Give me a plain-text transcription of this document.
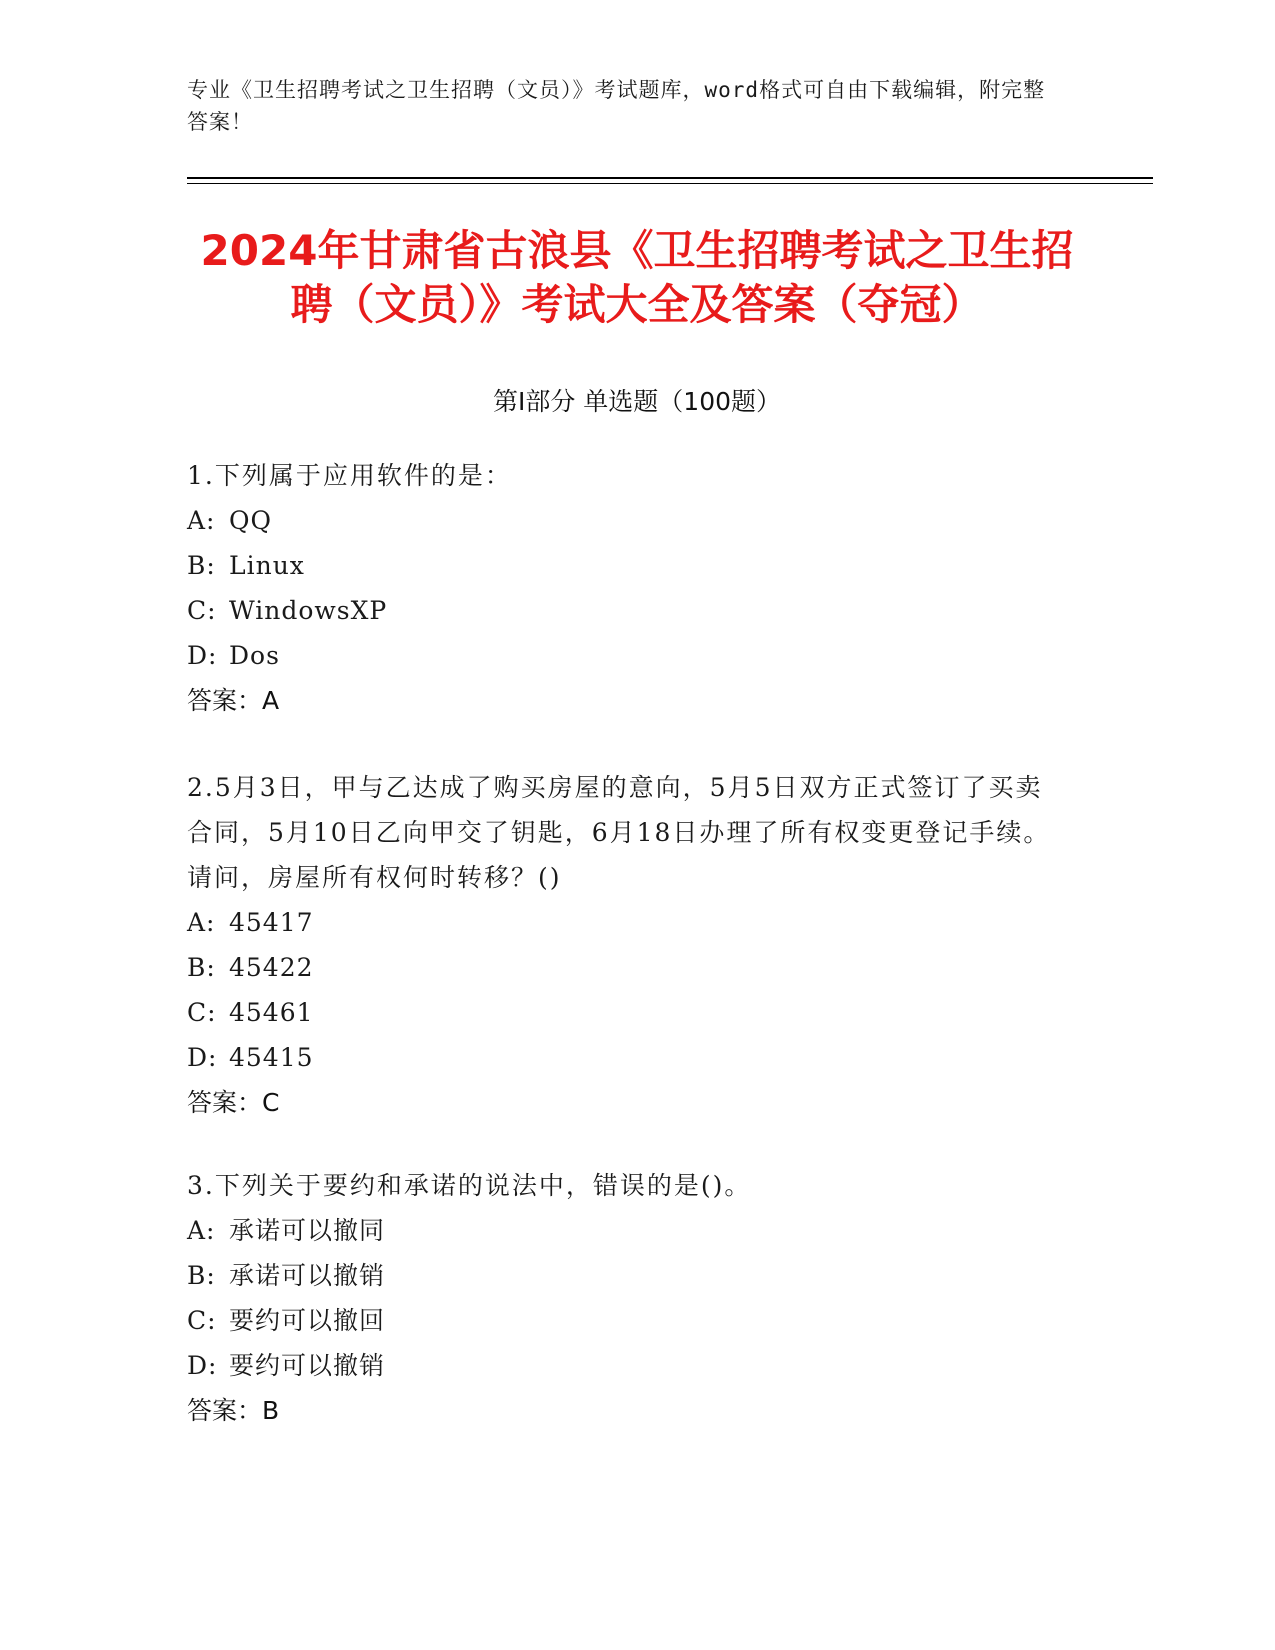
专业《卫生招聘考试之卫生招聘（文员）》考试题库，word格式可自由下载编辑，附完整答案！
2024年甘肃省古浪县《卫生招聘考试之卫生招聘（文员）》考试大全及答案（夺冠）
第Ⅰ部分 单选题（100题）

1.下列属于应用软件的是：

A: QQ

B: Linux

C: WindowsXP

D: Dos

答案：A

2.5月3日，甲与乙达成了购买房屋的意向，5月5日双方正式签订了买卖合同，5月10日乙向甲交了钥匙，6月18日办理了所有权变更登记手续。请问，房屋所有权何时转移？()

A: 45417

B: 45422

C: 45461

D: 45415

答案：C

3.下列关于要约和承诺的说法中，错误的是()。

A: 承诺可以撤同

B: 承诺可以撤销

C: 要约可以撤回

D: 要约可以撤销

答案：B
